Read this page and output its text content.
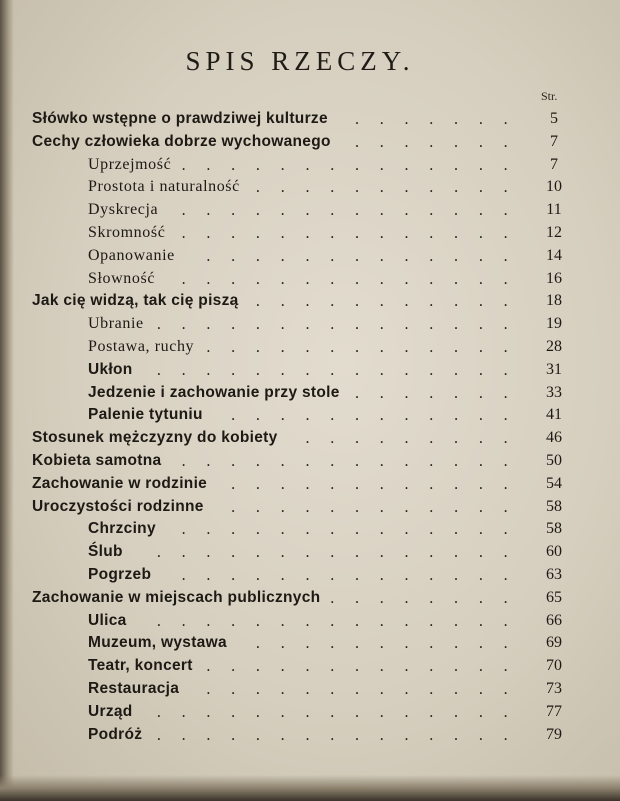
SPIS RZECZY.
Str.
Słówko wstępne o prawdziwej kulturze	.......	5
Cechy człowieka dobrze wychowanego	.......	7
Uprzejmość ..............	7
Prostota i naturalność	...........	10
Dyskrecja	..............	11
Skromność	..............	12
Opanowanie	.............	14
Słowność	..............	16
Jak cię widzą, tak cię piszą	...........	18
Ubranie ...............	19
Postawa, ruchy .............	28
Ukłon	...............	31
Jedzenie i zachowanie przy stole .......	33
Palenie tytuniu	............	41
Stosunek mężczyzny do kobiety	.........	46
Kobieta samotna	..............	50
Zachowanie w rodzinie	............	54
Uroczystości rodzinne	............	58
Chrzciny	..............	58
Ślub	...............	60
Pogrzeb	..............	63
Zachowanie w miejscach publicznych ........	65
Ulica	...............	66
Muzeum, wystawa	...........	69
Teatr, koncert .............	70
Restauracja	.............	73
Urząd	...............	77
Podróż ...............	79
